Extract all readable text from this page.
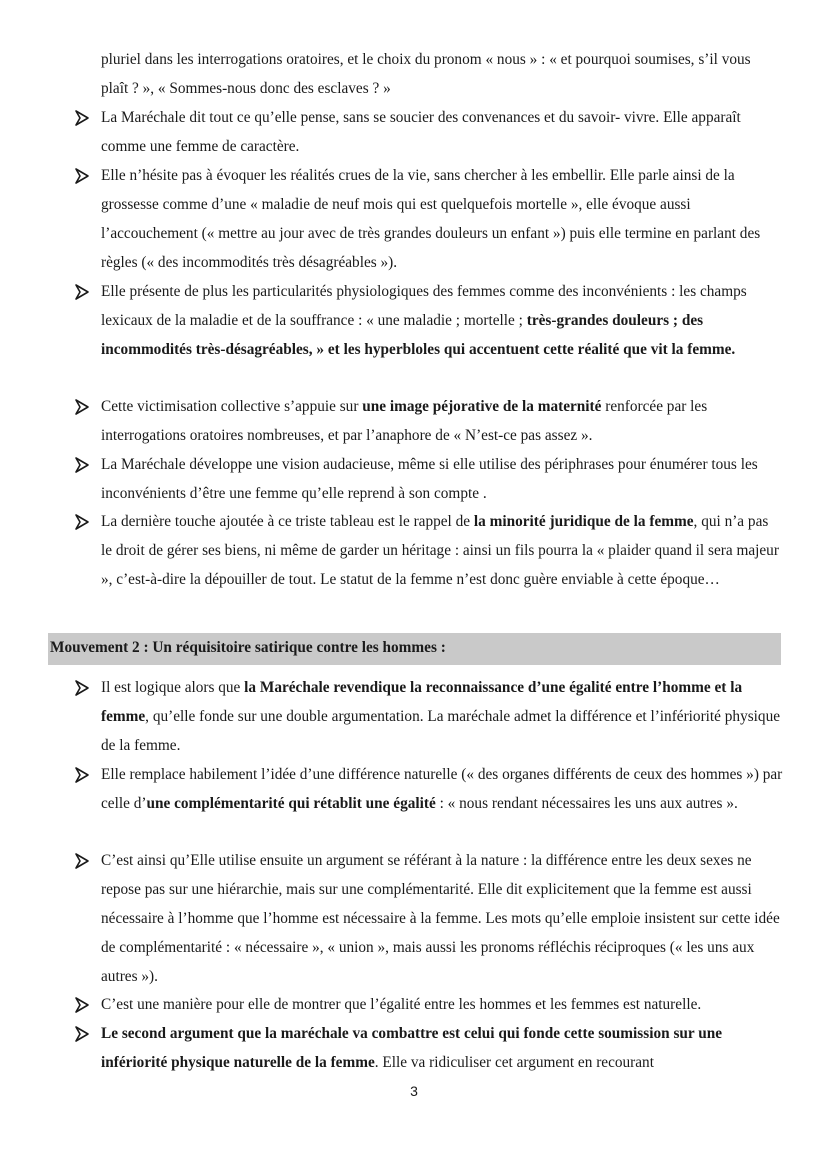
pluriel dans les interrogations oratoires, et le choix du pronom « nous » : « et pourquoi soumises, s’il vous plaît ? », « Sommes-nous donc des esclaves ? »
La Maréchale dit tout ce qu’elle pense, sans se soucier des convenances et du savoir- vivre. Elle apparaît comme une femme de caractère.
Elle n’hésite pas à évoquer les réalités crues de la vie, sans chercher à les embellir. Elle parle ainsi de la grossesse comme d’une « maladie de neuf mois qui est quelquefois mortelle », elle évoque aussi l’accouchement (« mettre au jour avec de très grandes douleurs un enfant ») puis elle termine en parlant des règles (« des incommodités très désagréables »).
Elle présente de plus les particularités physiologiques des femmes comme des inconvénients : les champs lexicaux de la maladie et de la souffrance : « une maladie ; mortelle ; très-grandes douleurs ; des incommodités très-désagréables, » et les hyperbloles qui accentuent cette réalité que vit la femme.
Cette victimisation collective s’appuie sur une image péjorative de la maternité renforcée par les interrogations oratoires nombreuses, et par l’anaphore de « N’est-ce pas assez ».
La Maréchale développe une vision audacieuse, même si elle utilise des périphrases pour énumérer tous les inconvénients d’être une femme qu’elle reprend à son compte .
La dernière touche ajoutée à ce triste tableau est le rappel de la minorité juridique de la femme, qui n’a pas le droit de gérer ses biens, ni même de garder un héritage : ainsi un fils pourra la « plaider quand il sera majeur », c’est-à-dire la dépouiller de tout. Le statut de la femme n’est donc guère enviable à cette époque…
Mouvement 2 : Un réquisitoire satirique contre les hommes :
Il est logique alors que la Maréchale revendique la reconnaissance d’une égalité entre l’homme et la femme, qu’elle fonde sur une double argumentation. La maréchale admet la différence et l’infériorité physique de la femme.
Elle remplace habilement l’idée d’une différence naturelle (« des organes différents de ceux des hommes ») par celle d’une complémentarité qui rétablit une égalité : « nous rendant nécessaires les uns aux autres ».
C’est ainsi qu’Elle utilise ensuite un argument se référant à la nature : la différence entre les deux sexes ne repose pas sur une hiérarchie, mais sur une complémentarité. Elle dit explicitement que la femme est aussi nécessaire à l’homme que l’homme est nécessaire à la femme. Les mots qu’elle emploie insistent sur cette idée de complémentarité : « nécessaire », « union », mais aussi les pronoms réfléchis réciproques (« les uns aux autres »).
C’est une manière pour elle de montrer que l’égalité entre les hommes et les femmes est naturelle.
Le second argument que la maréchale va combattre est celui qui fonde cette soumission sur une infériorité physique naturelle de la femme. Elle va ridiculiser cet argument en recourant
3
